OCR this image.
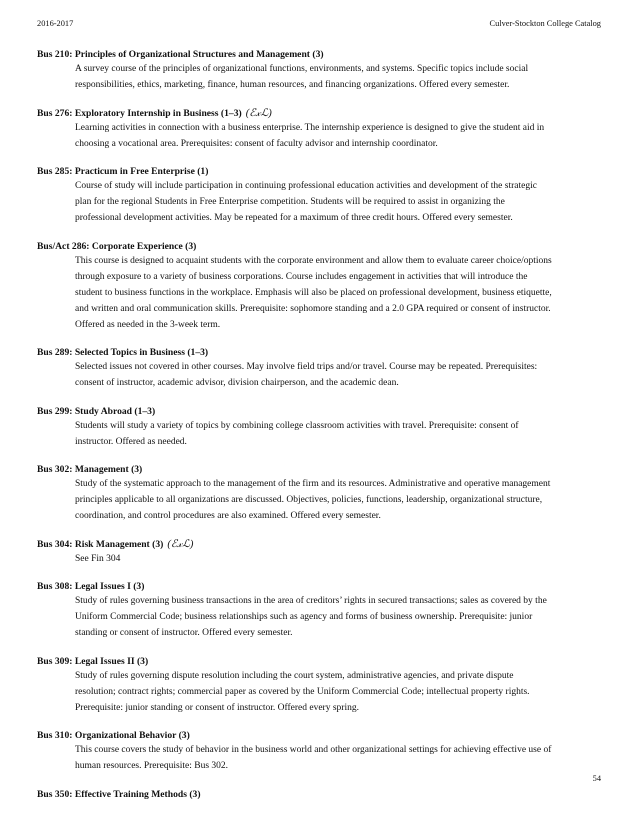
2016-2017	Culver-Stockton College Catalog
Bus 210: Principles of Organizational Structures and Management (3)
A survey course of the principles of organizational functions, environments, and systems. Specific topics include social
responsibilities, ethics, marketing, finance, human resources, and financing organizations. Offered every semester.
Bus 276: Exploratory Internship in Business (1–3) (ℰ𝓍ℒ)
Learning activities in connection with a business enterprise. The internship experience is designed to give the student aid in
choosing a vocational area. Prerequisites: consent of faculty advisor and internship coordinator.
Bus 285: Practicum in Free Enterprise (1)
Course of study will include participation in continuing professional education activities and development of the strategic
plan for the regional Students in Free Enterprise competition. Students will be required to assist in organizing the
professional development activities. May be repeated for a maximum of three credit hours. Offered every semester.
Bus/Act 286: Corporate Experience (3)
This course is designed to acquaint students with the corporate environment and allow them to evaluate career choice/options
through exposure to a variety of business corporations. Course includes engagement in activities that will introduce the
student to business functions in the workplace. Emphasis will also be placed on professional development, business etiquette,
and written and oral communication skills. Prerequisite: sophomore standing and a 2.0 GPA required or consent of instructor.
Offered as needed in the 3-week term.
Bus 289: Selected Topics in Business (1–3)
Selected issues not covered in other courses. May involve field trips and/or travel. Course may be repeated. Prerequisites:
consent of instructor, academic advisor, division chairperson, and the academic dean.
Bus 299: Study Abroad (1–3)
Students will study a variety of topics by combining college classroom activities with travel. Prerequisite: consent of
instructor. Offered as needed.
Bus 302: Management (3)
Study of the systematic approach to the management of the firm and its resources. Administrative and operative management
principles applicable to all organizations are discussed. Objectives, policies, functions, leadership, organizational structure,
coordination, and control procedures are also examined. Offered every semester.
Bus 304: Risk Management (3) (ℰ𝓍ℒ)
See Fin 304
Bus 308: Legal Issues I (3)
Study of rules governing business transactions in the area of creditors’ rights in secured transactions; sales as covered by the
Uniform Commercial Code; business relationships such as agency and forms of business ownership. Prerequisite: junior
standing or consent of instructor. Offered every semester.
Bus 309: Legal Issues II (3)
Study of rules governing dispute resolution including the court system, administrative agencies, and private dispute
resolution; contract rights; commercial paper as covered by the Uniform Commercial Code; intellectual property rights.
Prerequisite: junior standing or consent of instructor. Offered every spring.
Bus 310: Organizational Behavior (3)
This course covers the study of behavior in the business world and other organizational settings for achieving effective use of
human resources. Prerequisite: Bus 302.
Bus 350: Effective Training Methods (3)
54
